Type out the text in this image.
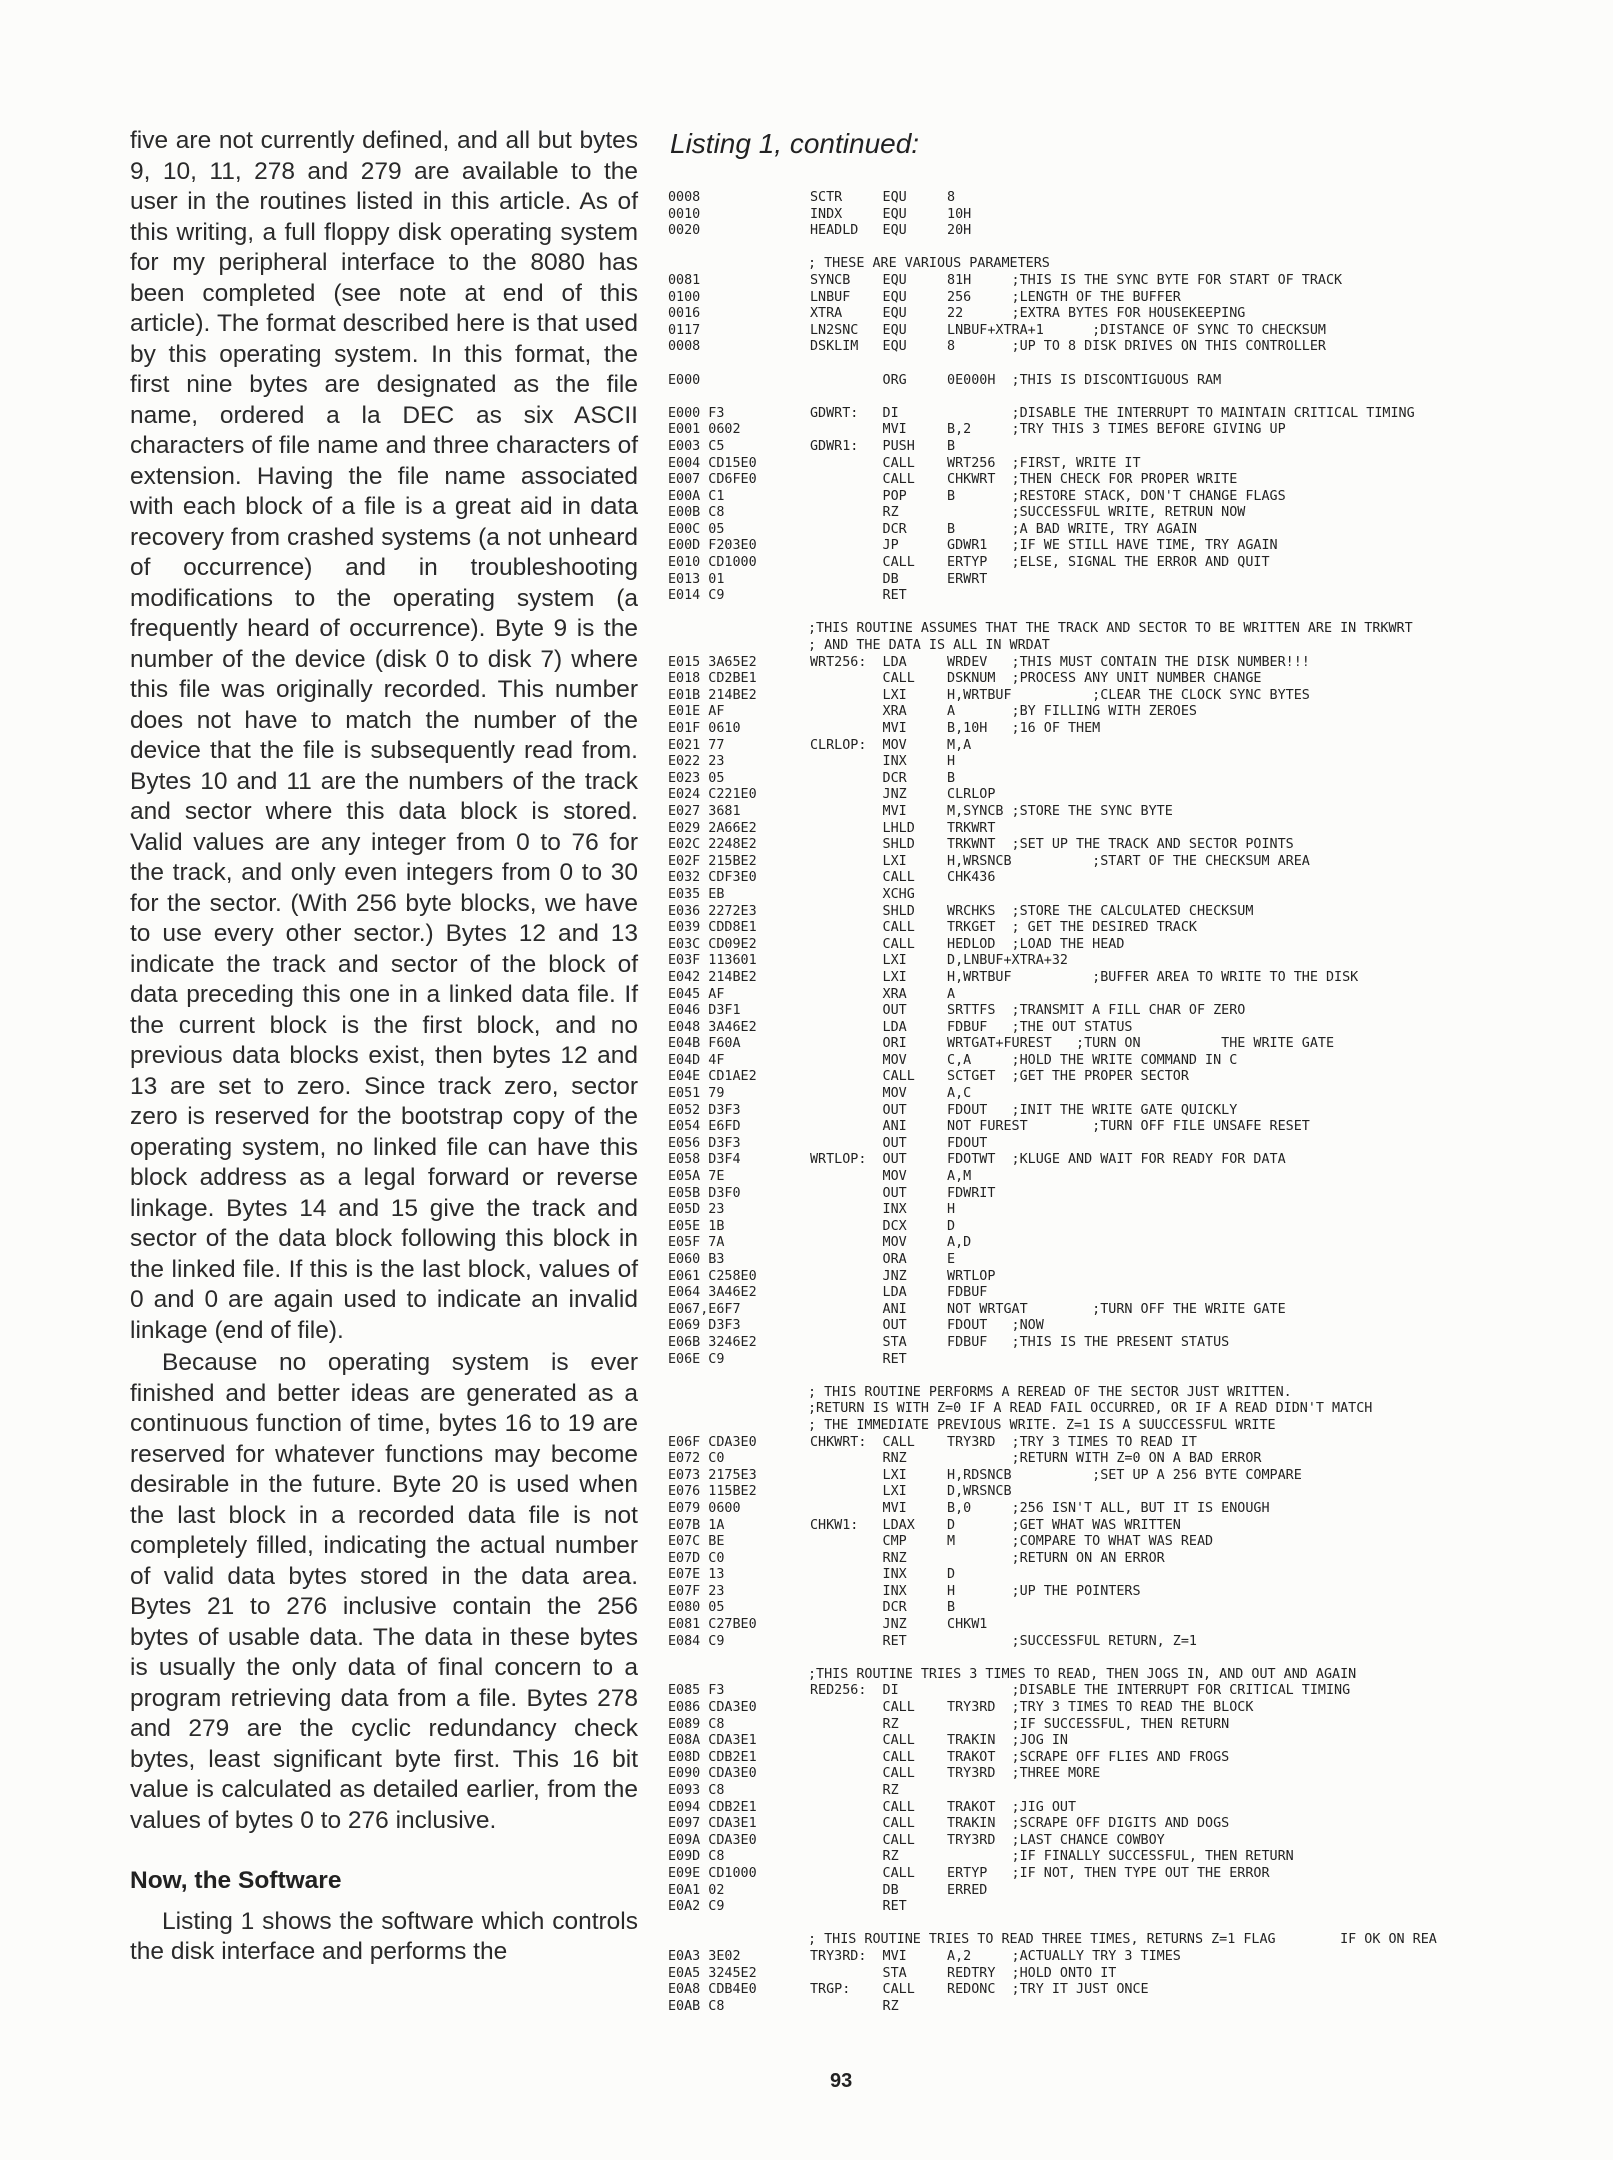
five are not currently defined, and all but bytes 9, 10, 11, 278 and 279 are available to the user in the routines listed in this article. As of this writing, a full floppy disk operating system for my peripheral interface to the 8080 has been completed (see note at end of this article). The format described here is that used by this operating system. In this format, the first nine bytes are designated as the file name, ordered a la DEC as six ASCII characters of file name and three characters of extension. Having the file name associated with each block of a file is a great aid in data recovery from crashed systems (a not unheard of occurrence) and in troubleshooting modifications to the operating system (a frequently heard of occurrence). Byte 9 is the number of the device (disk 0 to disk 7) where this file was originally recorded. This number does not have to match the number of the device that the file is subsequently read from. Bytes 10 and 11 are the numbers of the track and sector where this data block is stored. Valid values are any integer from 0 to 76 for the track, and only even integers from 0 to 30 for the sector. (With 256 byte blocks, we have to use every other sector.) Bytes 12 and 13 indicate the track and sector of the block of data preceding this one in a linked data file. If the current block is the first block, and no previous data blocks exist, then bytes 12 and 13 are set to zero. Since track zero, sector zero is reserved for the bootstrap copy of the operating system, no linked file can have this block address as a legal forward or reverse linkage. Bytes 14 and 15 give the track and sector of the data block following this block in the linked file. If this is the last block, values of 0 and 0 are again used to indicate an invalid linkage (end of file).

Because no operating system is ever finished and better ideas are generated as a continuous function of time, bytes 16 to 19 are reserved for whatever functions may become desirable in the future. Byte 20 is used when the last block in a recorded data file is not completely filled, indicating the actual number of valid data bytes stored in the data area. Bytes 21 to 276 inclusive contain the 256 bytes of usable data. The data in these bytes is usually the only data of final concern to a program retrieving data from a file. Bytes 278 and 279 are the cyclic redundancy check bytes, least significant byte first. This 16 bit value is calculated as detailed earlier, from the values of bytes 0 to 276 inclusive.

Now, the Software

Listing 1 shows the software which controls the disk interface and performs the

Listing 1, continued:
0008	SCTR     EQU     8
0010	INDX     EQU     10H
0020	HEADLD   EQU     20H
; THESE ARE VARIOUS PARAMETERS
0081	SYNCB    EQU     81H     ;THIS IS THE SYNC BYTE FOR START OF TRACK
0100	LNBUF    EQU     256     ;LENGTH OF THE BUFFER
0016	XTRA     EQU     22      ;EXTRA BYTES FOR HOUSEKEEPING
0117	LN2SNC   EQU     LNBUF+XTRA+1      ;DISTANCE OF SYNC TO CHECKSUM
0008	DSKLIM   EQU     8       ;UP TO 8 DISK DRIVES ON THIS CONTROLLER
E000	ORG     0E000H  ;THIS IS DISCONTIGUOUS RAM
E000 F3	GDWRT:   DI              ;DISABLE THE INTERRUPT TO MAINTAIN CRITICAL TIMING
E001 0602	MVI     B,2     ;TRY THIS 3 TIMES BEFORE GIVING UP
E003 C5	GDWR1:   PUSH    B
E004 CD15E0	CALL    WRT256  ;FIRST, WRITE IT
E007 CD6FE0	CALL    CHKWRT  ;THEN CHECK FOR PROPER WRITE
E00A C1	POP     B       ;RESTORE STACK, DON'T CHANGE FLAGS
E00B C8	RZ              ;SUCCESSFUL WRITE, RETRUN NOW
E00C 05	DCR     B       ;A BAD WRITE, TRY AGAIN
E00D F203E0	JP      GDWR1   ;IF WE STILL HAVE TIME, TRY AGAIN
E010 CD1000	CALL    ERTYP   ;ELSE, SIGNAL THE ERROR AND QUIT
E013 01	DB      ERWRT
E014 C9	RET
;THIS ROUTINE ASSUMES THAT THE TRACK AND SECTOR TO BE WRITTEN ARE IN TRKWRT
; AND THE DATA IS ALL IN WRDAT
E015 3A65E2	WRT256:  LDA     WRDEV   ;THIS MUST CONTAIN THE DISK NUMBER!!!
E018 CD2BE1	CALL    DSKNUM  ;PROCESS ANY UNIT NUMBER CHANGE
E01B 214BE2	LXI     H,WRTBUF          ;CLEAR THE CLOCK SYNC BYTES
E01E AF	XRA     A       ;BY FILLING WITH ZEROES
E01F 0610	MVI     B,10H   ;16 OF THEM
E021 77	CLRLOP:  MOV     M,A
E022 23	INX     H
E023 05	DCR     B
E024 C221E0	JNZ     CLRLOP
E027 3681	MVI     M,SYNCB ;STORE THE SYNC BYTE
E029 2A66E2	LHLD    TRKWRT
E02C 2248E2	SHLD    TRKWNT  ;SET UP THE TRACK AND SECTOR POINTS
E02F 215BE2	LXI     H,WRSNCB          ;START OF THE CHECKSUM AREA
E032 CDF3E0	CALL    CHK436
E035 EB	XCHG
E036 2272E3	SHLD    WRCHKS  ;STORE THE CALCULATED CHECKSUM
E039 CDD8E1	CALL    TRKGET  ; GET THE DESIRED TRACK
E03C CD09E2	CALL    HEDLOD  ;LOAD THE HEAD
E03F 113601	LXI     D,LNBUF+XTRA+32
E042 214BE2	LXI     H,WRTBUF          ;BUFFER AREA TO WRITE TO THE DISK
E045 AF	XRA     A
E046 D3F1	OUT     SRTTFS  ;TRANSMIT A FILL CHAR OF ZERO
E048 3A46E2	LDA     FDBUF   ;THE OUT STATUS
E04B F60A	ORI     WRTGAT+FUREST   ;TURN ON          THE WRITE GATE
E04D 4F	MOV     C,A     ;HOLD THE WRITE COMMAND IN C
E04E CD1AE2	CALL    SCTGET  ;GET THE PROPER SECTOR
E051 79	MOV     A,C
E052 D3F3	OUT     FDOUT   ;INIT THE WRITE GATE QUICKLY
E054 E6FD	ANI     NOT FUREST        ;TURN OFF FILE UNSAFE RESET
E056 D3F3	OUT     FDOUT
E058 D3F4	WRTLOP:  OUT     FDOTWT  ;KLUGE AND WAIT FOR READY FOR DATA
E05A 7E	MOV     A,M
E05B D3F0	OUT     FDWRIT
E05D 23	INX     H
E05E 1B	DCX     D
E05F 7A	MOV     A,D
E060 B3	ORA     E
E061 C258E0	JNZ     WRTLOP
E064 3A46E2	LDA     FDBUF
E067,E6F7	ANI     NOT WRTGAT        ;TURN OFF THE WRITE GATE
E069 D3F3	OUT     FDOUT   ;NOW
E06B 3246E2	STA     FDBUF   ;THIS IS THE PRESENT STATUS
E06E C9	RET
; THIS ROUTINE PERFORMS A REREAD OF THE SECTOR JUST WRITTEN.
;RETURN IS WITH Z=0 IF A READ FAIL OCCURRED, OR IF A READ DIDN'T MATCH
; THE IMMEDIATE PREVIOUS WRITE. Z=1 IS A SUUCCESSFUL WRITE
E06F CDA3E0	CHKWRT:  CALL    TRY3RD  ;TRY 3 TIMES TO READ IT
E072 C0	RNZ             ;RETURN WITH Z=0 ON A BAD ERROR
E073 2175E3	LXI     H,RDSNCB          ;SET UP A 256 BYTE COMPARE
E076 115BE2	LXI     D,WRSNCB
E079 0600	MVI     B,0     ;256 ISN'T ALL, BUT IT IS ENOUGH
E07B 1A	CHKW1:   LDAX    D       ;GET WHAT WAS WRITTEN
E07C BE	CMP     M       ;COMPARE TO WHAT WAS READ
E07D C0	RNZ             ;RETURN ON AN ERROR
E07E 13	INX     D
E07F 23	INX     H       ;UP THE POINTERS
E080 05	DCR     B
E081 C27BE0	JNZ     CHKW1
E084 C9	RET             ;SUCCESSFUL RETURN, Z=1
;THIS ROUTINE TRIES 3 TIMES TO READ, THEN JOGS IN, AND OUT AND AGAIN
E085 F3	RED256:  DI              ;DISABLE THE INTERRUPT FOR CRITICAL TIMING
E086 CDA3E0	CALL    TRY3RD  ;TRY 3 TIMES TO READ THE BLOCK
E089 C8	RZ              ;IF SUCCESSFUL, THEN RETURN
E08A CDA3E1	CALL    TRAKIN  ;JOG IN
E08D CDB2E1	CALL    TRAKOT  ;SCRAPE OFF FLIES AND FROGS
E090 CDA3E0	CALL    TRY3RD  ;THREE MORE
E093 C8	RZ
E094 CDB2E1	CALL    TRAKOT  ;JIG OUT
E097 CDA3E1	CALL    TRAKIN  ;SCRAPE OFF DIGITS AND DOGS
E09A CDA3E0	CALL    TRY3RD  ;LAST CHANCE COWBOY
E09D C8	RZ              ;IF FINALLY SUCCESSFUL, THEN RETURN
E09E CD1000	CALL    ERTYP   ;IF NOT, THEN TYPE OUT THE ERROR
E0A1 02	DB      ERRED
E0A2 C9	RET
; THIS ROUTINE TRIES TO READ THREE TIMES, RETURNS Z=1 FLAG        IF OK ON REA
E0A3 3E02	TRY3RD:  MVI     A,2     ;ACTUALLY TRY 3 TIMES
E0A5 3245E2	STA     REDTRY  ;HOLD ONTO IT
E0A8 CDB4E0	TRGP:    CALL    REDONC  ;TRY IT JUST ONCE
E0AB C8	RZ
93
